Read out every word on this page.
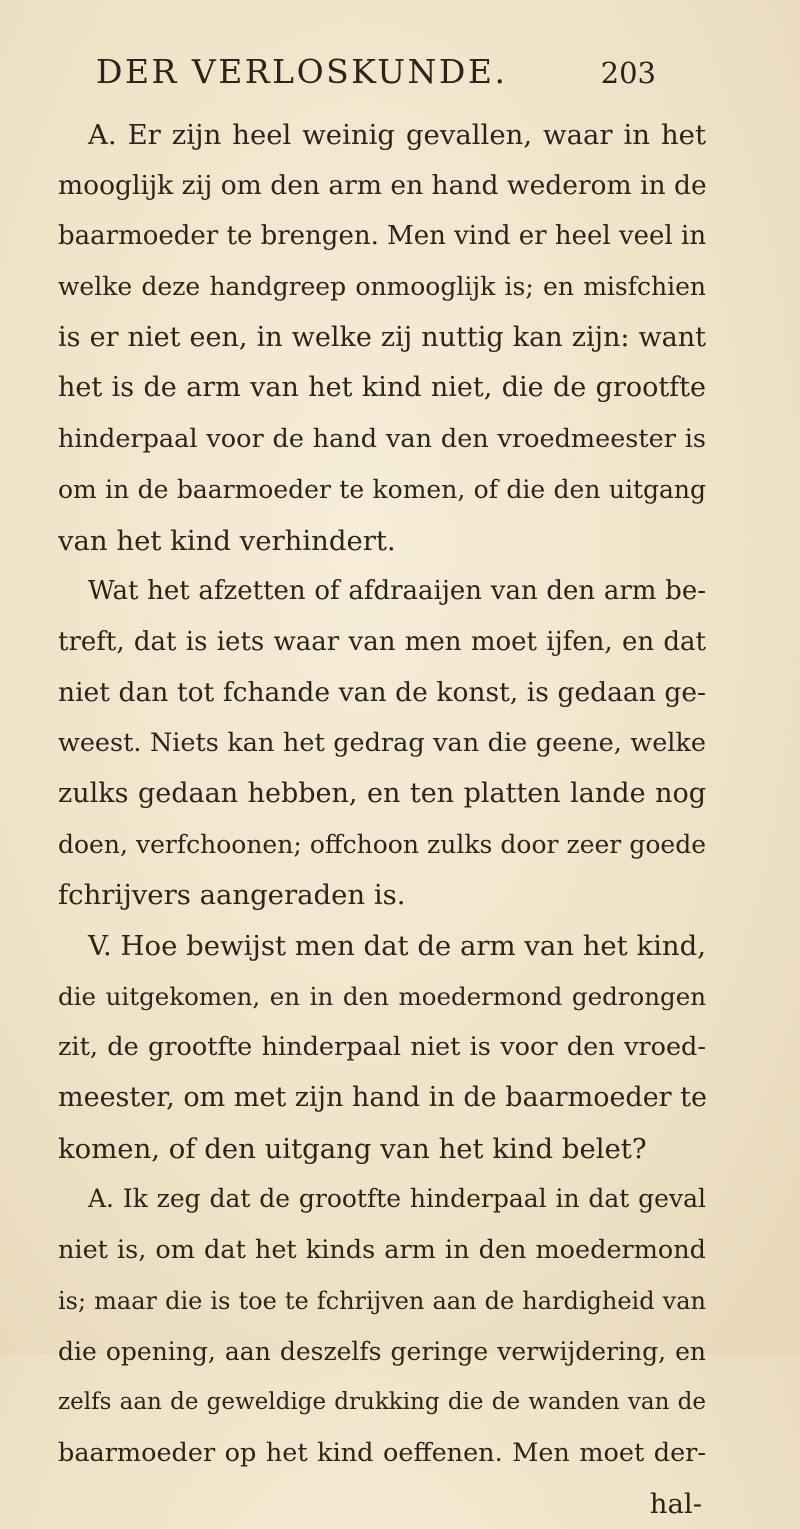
DER VERLOSKUNDE.	203
A. Er zijn heel weinig gevallen, waar in het
mooglijk zij om den arm en hand wederom in de
baarmoeder te brengen. Men vind er heel veel in
welke deze handgreep onmooglijk is; en misfchien
is er niet een, in welke zij nuttig kan zijn: want
het is de arm van het kind niet, die de grootfte
hinderpaal voor de hand van den vroedmeester is
om in de baarmoeder te komen, of die den uitgang
van het kind verhindert.
Wat het afzetten of afdraaijen van den arm be-
treft, dat is iets waar van men moet ijfen, en dat
niet dan tot fchande van de konst, is gedaan ge-
weest. Niets kan het gedrag van die geene, welke
zulks gedaan hebben, en ten platten lande nog
doen, verfchoonen; offchoon zulks door zeer goede
fchrijvers aangeraden is.
V. Hoe bewijst men dat de arm van het kind,
die uitgekomen, en in den moedermond gedrongen
zit, de grootfte hinderpaal niet is voor den vroed-
meester, om met zijn hand in de baarmoeder te
komen, of den uitgang van het kind belet?
A. Ik zeg dat de grootfte hinderpaal in dat geval
niet is, om dat het kinds arm in den moedermond
is; maar die is toe te fchrijven aan de hardigheid van
die opening, aan deszelfs geringe verwijdering, en
zelfs aan de geweldige drukking die de wanden van de
baarmoeder op het kind oeffenen. Men moet der-
hal-
